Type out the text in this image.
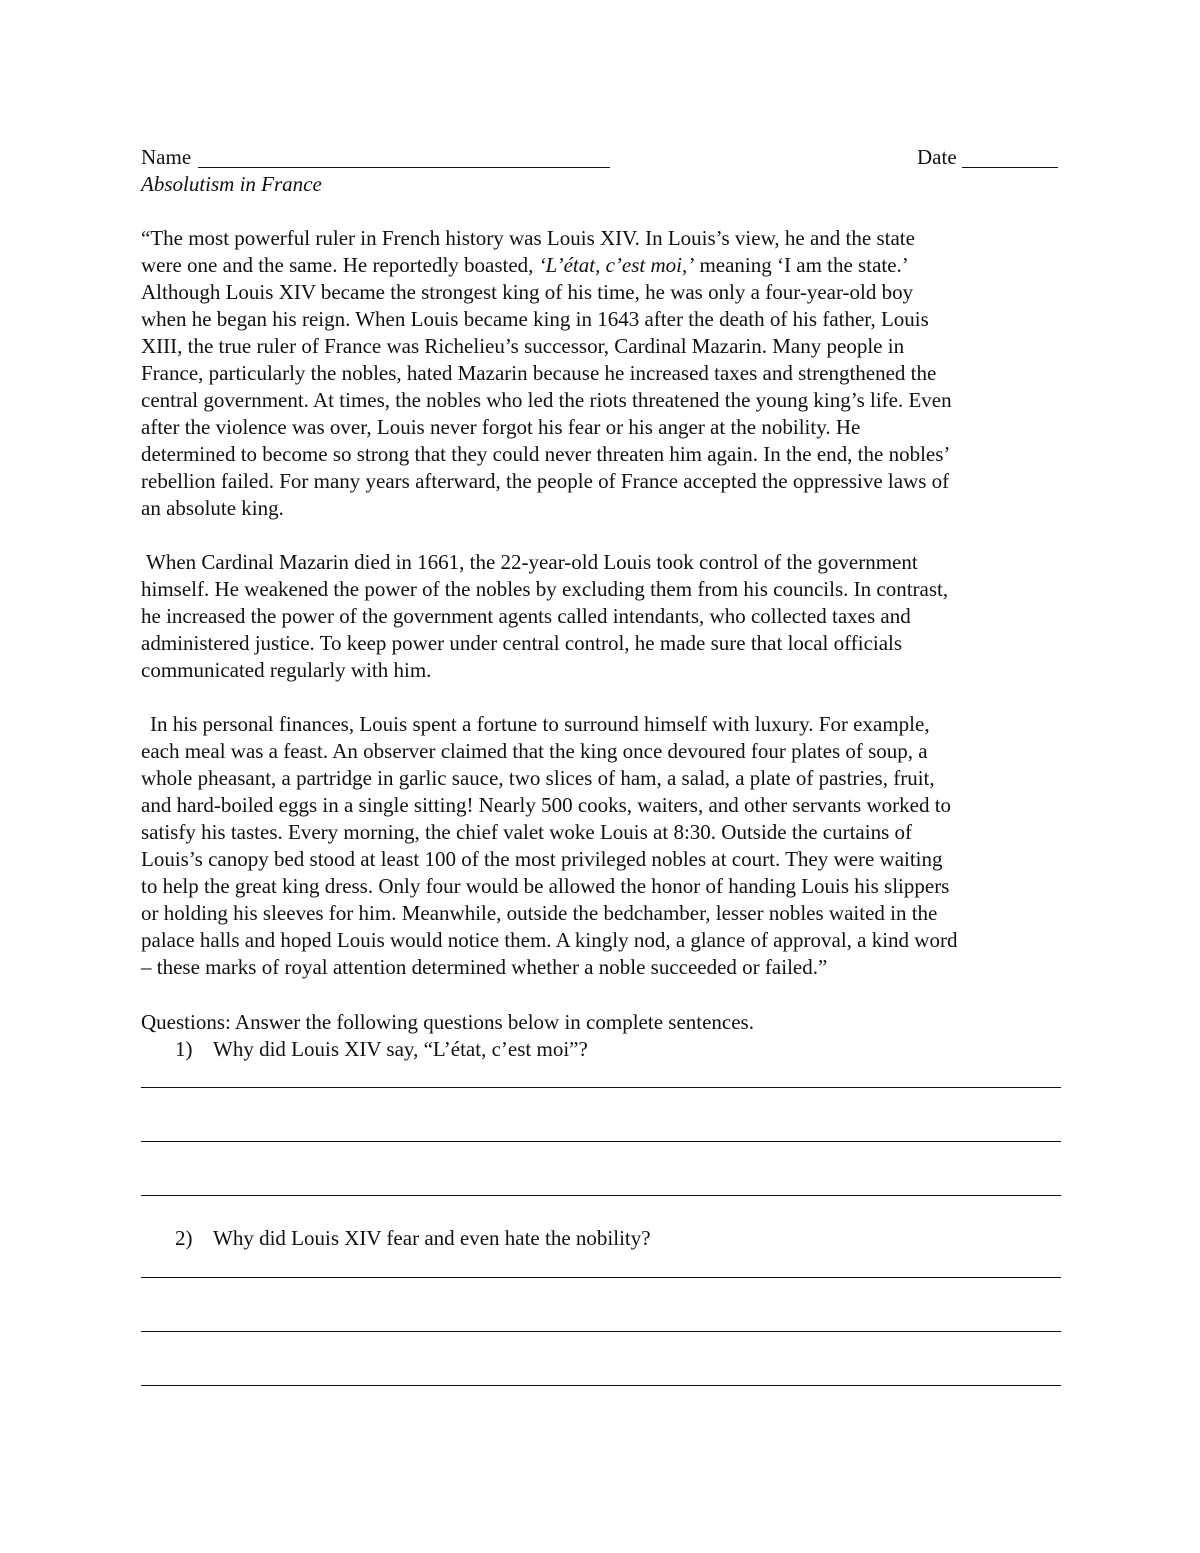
Name	Date
Absolutism in France
“The most powerful ruler in French history was Louis XIV. In Louis’s view, he and the state
were one and the same. He reportedly boasted, ‘L’état, c’est moi,’ meaning ‘I am the state.’
Although Louis XIV became the strongest king of his time, he was only a four-year-old boy
when he began his reign. When Louis became king in 1643 after the death of his father, Louis
XIII, the true ruler of France was Richelieu’s successor, Cardinal Mazarin. Many people in
France, particularly the nobles, hated Mazarin because he increased taxes and strengthened the
central government. At times, the nobles who led the riots threatened the young king’s life. Even
after the violence was over, Louis never forgot his fear or his anger at the nobility. He
determined to become so strong that they could never threaten him again. In the end, the nobles’
rebellion failed. For many years afterward, the people of France accepted the oppressive laws of
an absolute king.
When Cardinal Mazarin died in 1661, the 22-year-old Louis took control of the government
himself. He weakened the power of the nobles by excluding them from his councils. In contrast,
he increased the power of the government agents called intendants, who collected taxes and
administered justice. To keep power under central control, he made sure that local officials
communicated regularly with him.
In his personal finances, Louis spent a fortune to surround himself with luxury. For example,
each meal was a feast. An observer claimed that the king once devoured four plates of soup, a
whole pheasant, a partridge in garlic sauce, two slices of ham, a salad, a plate of pastries, fruit,
and hard-boiled eggs in a single sitting! Nearly 500 cooks, waiters, and other servants worked to
satisfy his tastes. Every morning, the chief valet woke Louis at 8:30. Outside the curtains of
Louis’s canopy bed stood at least 100 of the most privileged nobles at court. They were waiting
to help the great king dress. Only four would be allowed the honor of handing Louis his slippers
or holding his sleeves for him. Meanwhile, outside the bedchamber, lesser nobles waited in the
palace halls and hoped Louis would notice them. A kingly nod, a glance of approval, a kind word
– these marks of royal attention determined whether a noble succeeded or failed.”
Questions: Answer the following questions below in complete sentences.
1) Why did Louis XIV say, “L’état, c’est moi”?
2) Why did Louis XIV fear and even hate the nobility?
